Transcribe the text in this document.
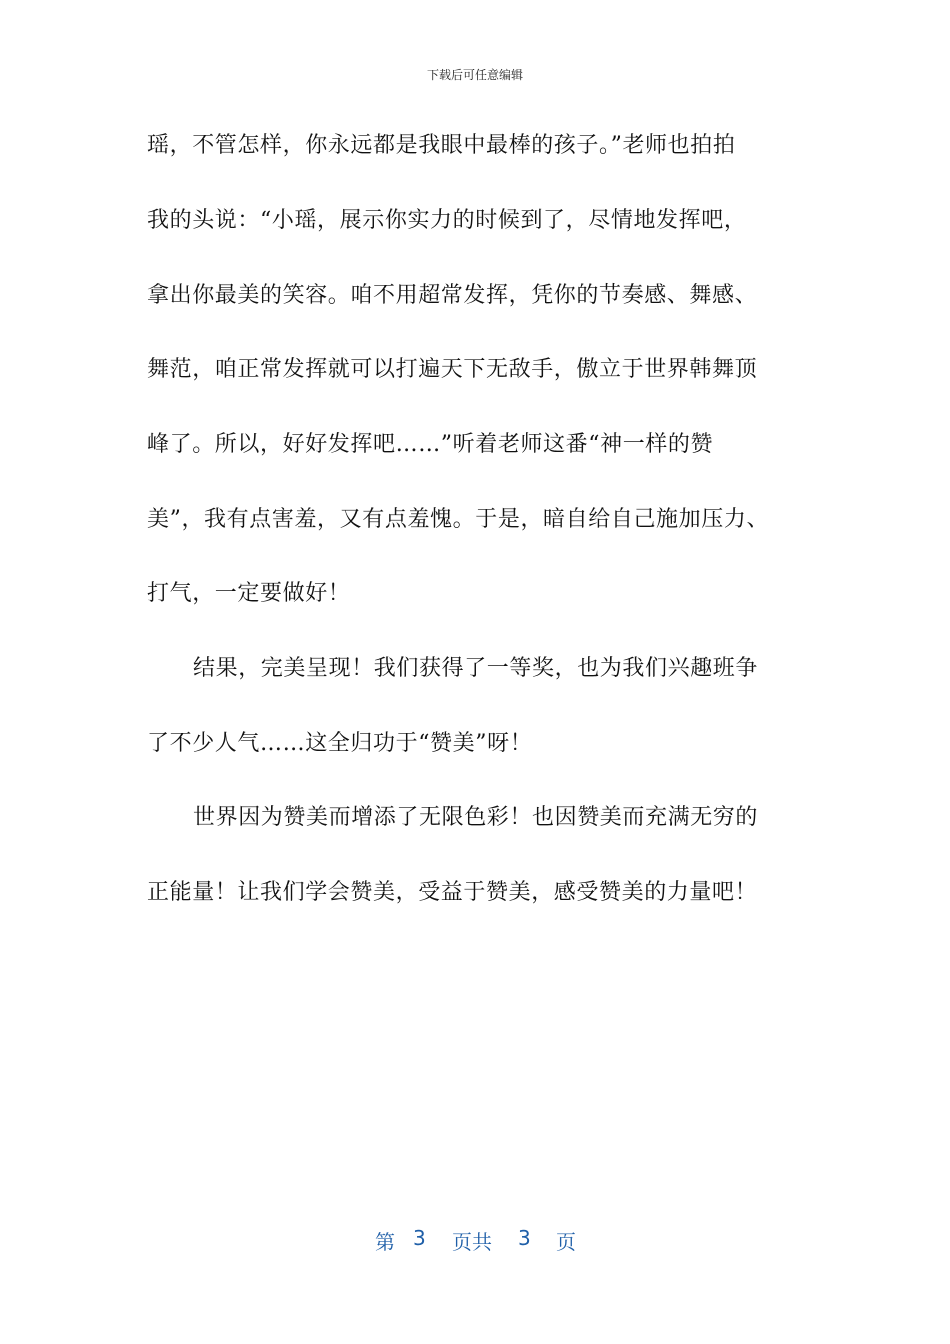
下载后可任意编辑
瑶，不管怎样，你永远都是我眼中最棒的孩子。”老师也拍拍
我的头说：“小瑶，展示你实力的时候到了，尽情地发挥吧，
拿出你最美的笑容。咱不用超常发挥，凭你的节奏感、舞感、
舞范，咱正常发挥就可以打遍天下无敌手，傲立于世界韩舞顶
峰了。所以，好好发挥吧……”听着老师这番“神一样的赞
美”，我有点害羞，又有点羞愧。于是，暗自给自己施加压力、
打气，一定要做好！
结果，完美呈现！我们获得了一等奖，也为我们兴趣班争
了不少人气……这全归功于“赞美”呀！
世界因为赞美而增添了无限色彩！也因赞美而充满无穷的
正能量！让我们学会赞美，受益于赞美，感受赞美的力量吧！
第 3 页共 3 页
